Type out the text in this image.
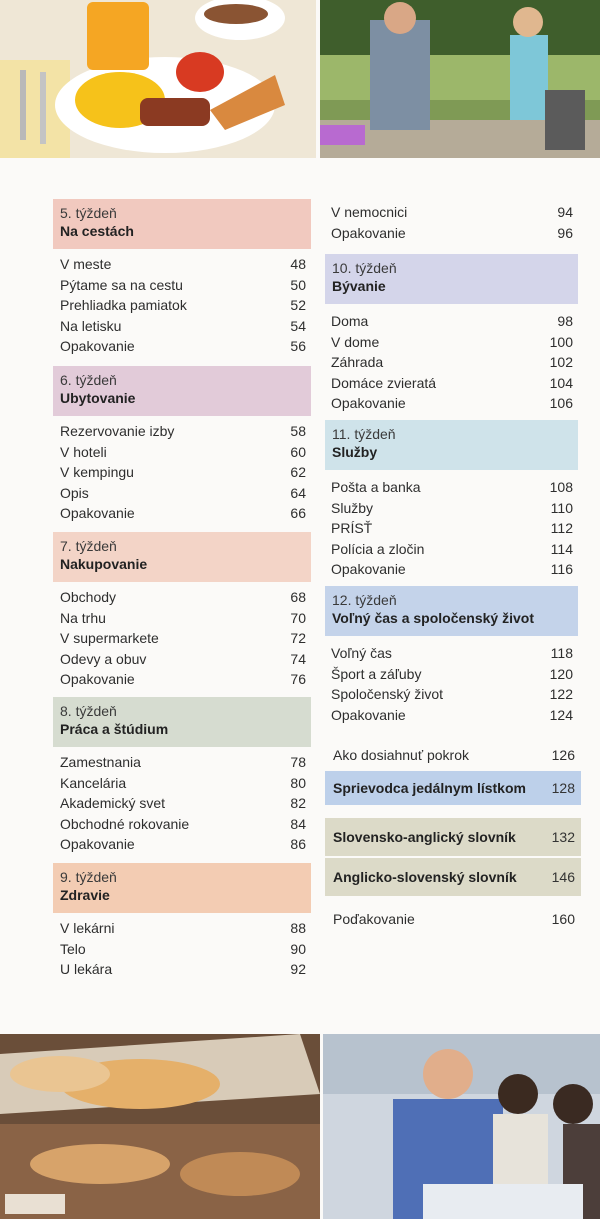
5. týždeň
Na cestách
V meste	48
Pýtame sa na cestu	50
Prehliadka pamiatok	52
Na letisku	54
Opakovanie	56
6. týždeň
Ubytovanie
Rezervovanie izby	58
V hoteli	60
V kempingu	62
Opis	64
Opakovanie	66
7. týždeň
Nakupovanie
Obchody	68
Na trhu	70
V supermarkete	72
Odevy a obuv	74
Opakovanie	76
8. týždeň
Práca a štúdium
Zamestnania	78
Kancelária	80
Akademický svet	82
Obchodné rokovanie	84
Opakovanie	86
9. týždeň
Zdravie
V lekárni	88
Telo	90
U lekára	92
V nemocnici	94
Opakovanie	96
10. týždeň
Bývanie
Doma	98
V dome	100
Záhrada	102
Domáce zvieratá	104
Opakovanie	106
11. týždeň
Služby
Pošta a banka	108
Služby	110
PRÍSŤ	112
Polícia a zločin	114
Opakovanie	116
12. týždeň
Voľný čas a spoločenský život
Voľný čas	118
Šport a záľuby	120
Spoločenský život	122
Opakovanie	124
Ako dosiahnuť pokrok	126
Sprievodca jedálnym lístkom 128
Slovensko-anglický slovník	132
Anglicko-slovenský slovník	146
Poďakovanie	160
